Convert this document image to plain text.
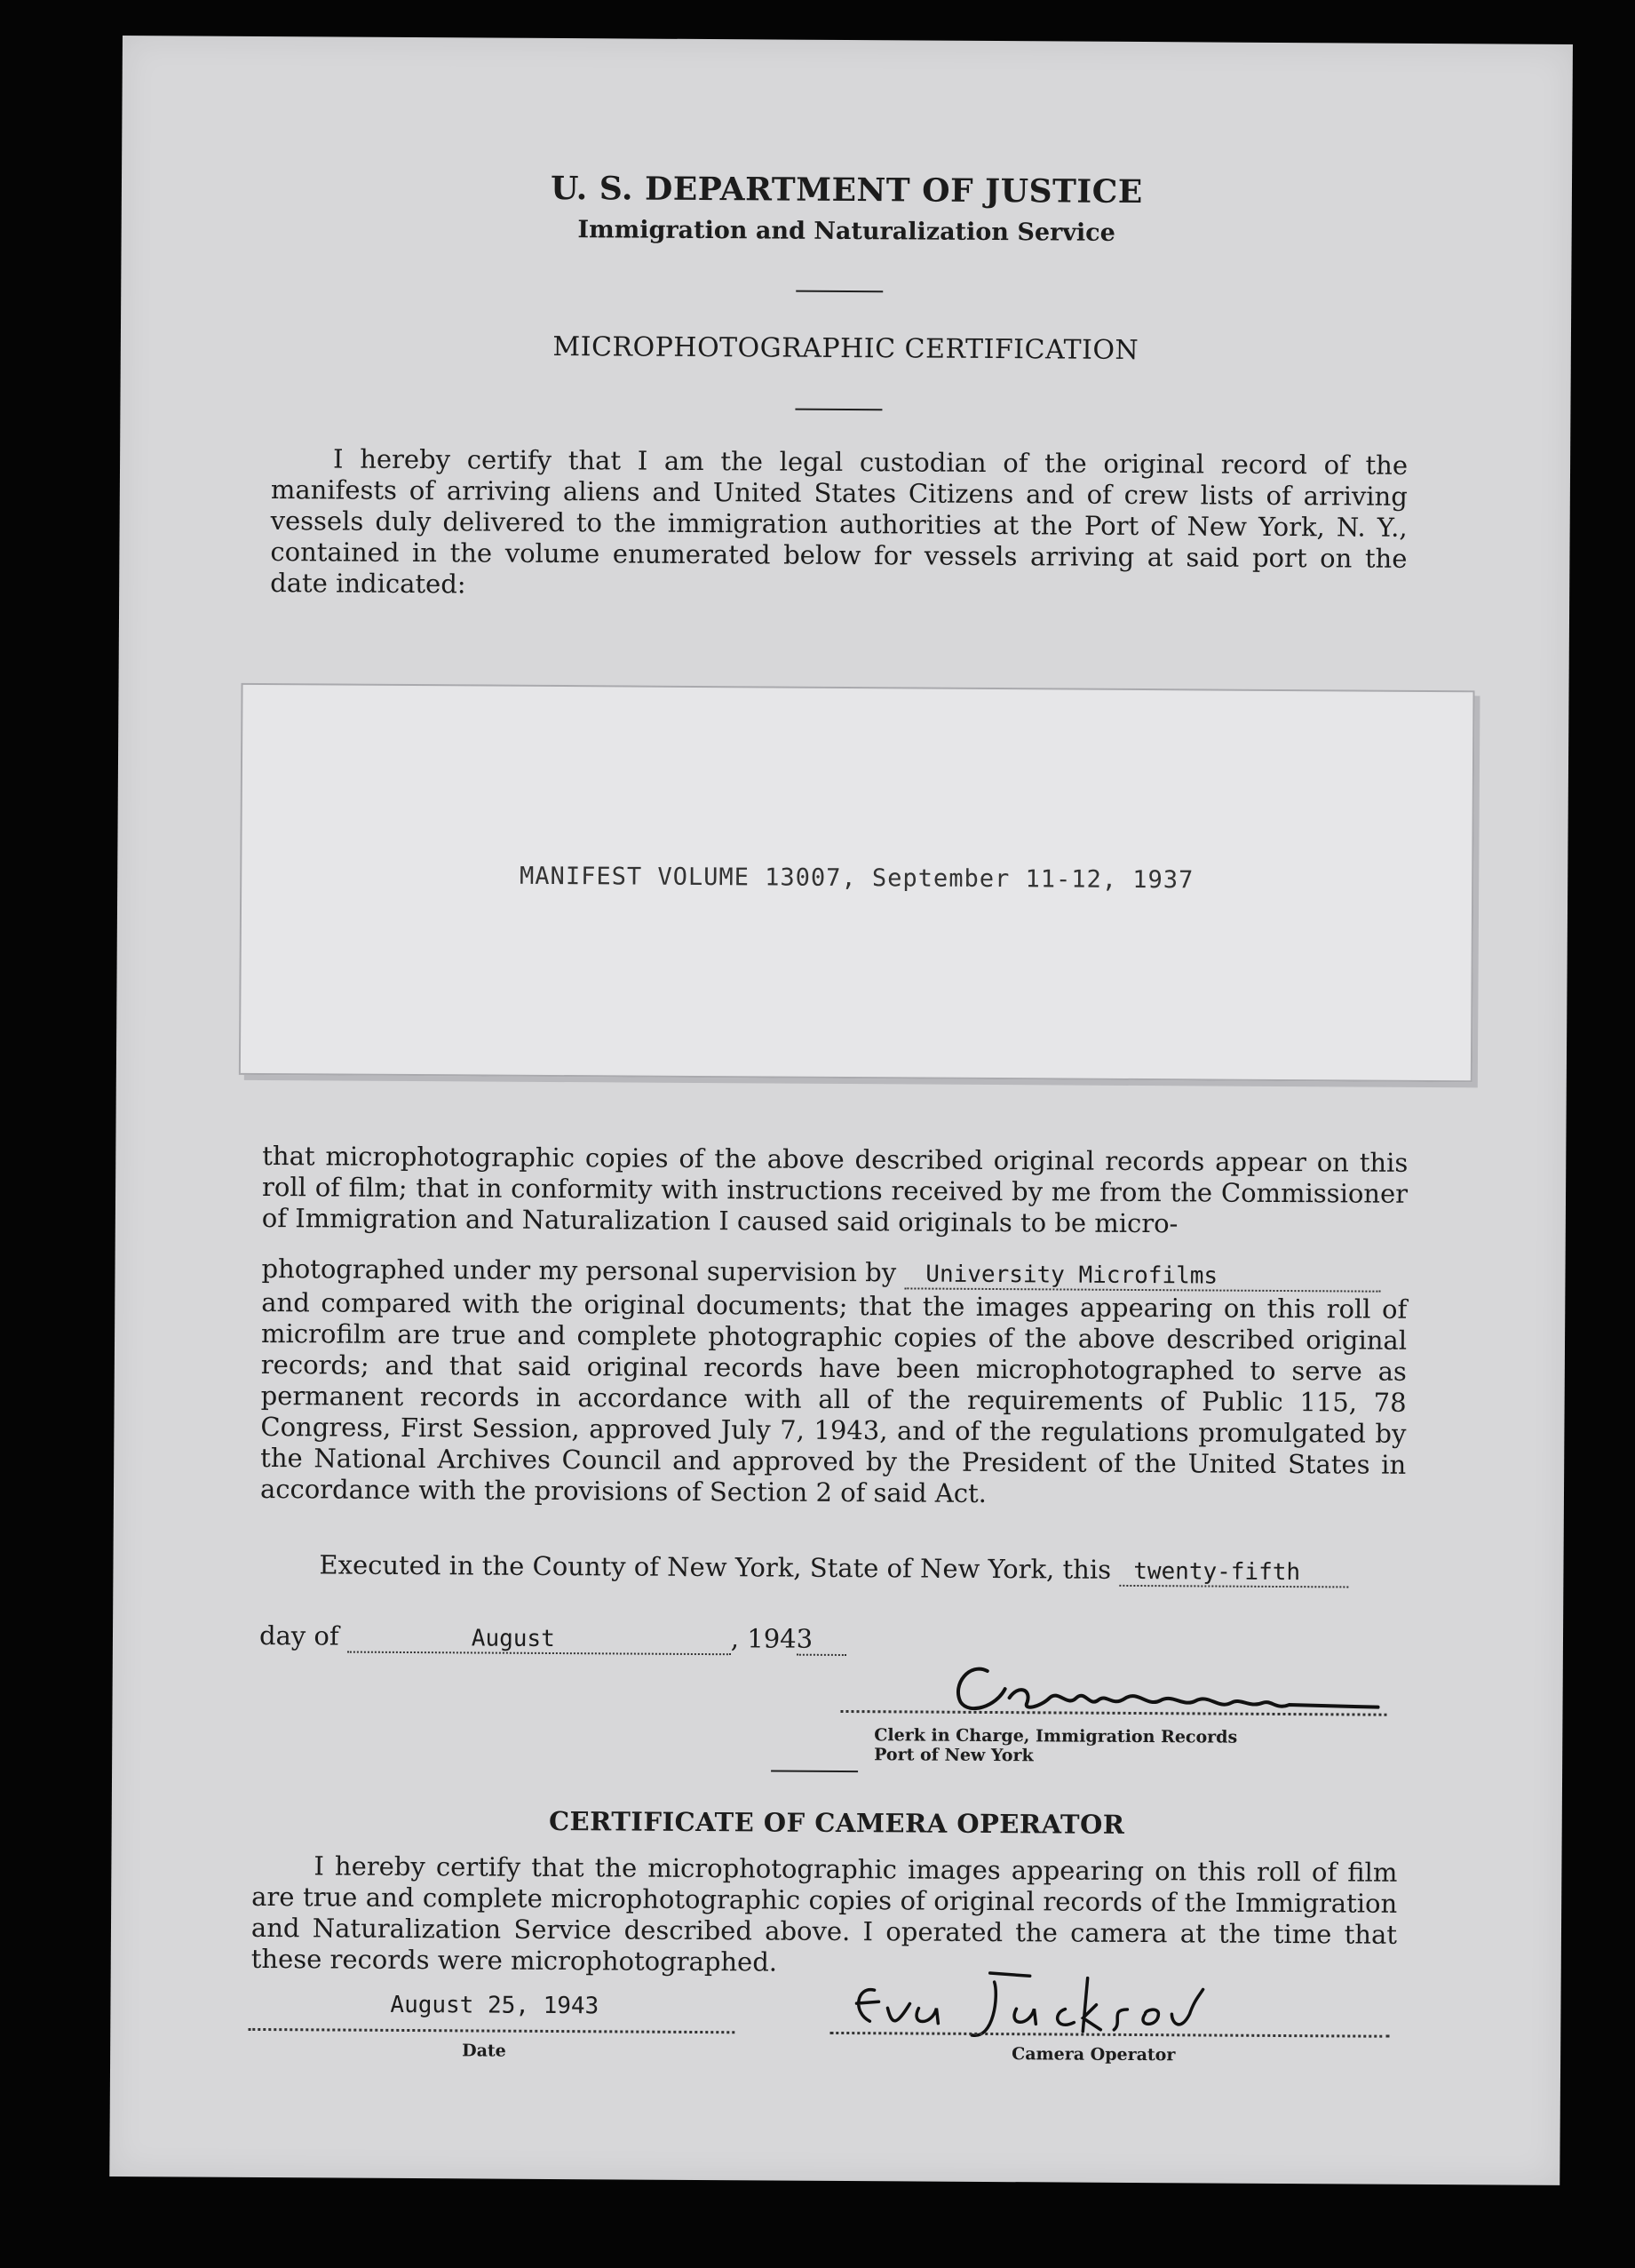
U. S. DEPARTMENT OF JUSTICE
Immigration and Naturalization Service
MICROPHOTOGRAPHIC CERTIFICATION

I hereby certify that I am the legal custodian of the original record of the manifests of arriving aliens and United States Citizens and of crew lists of arriving vessels duly delivered to the immigration authorities at the Port of New York, N. Y., contained in the volume enumerated below for vessels arriving at said port on the date indicated:

MANIFEST VOLUME 13007, September 11-12, 1937

that microphotographic copies of the above described original records appear on this roll of film; that in conformity with instructions received by me from the Commissioner of Immigration and Naturalization I caused said originals to be micro-

photographed under my personal supervision by University Microfilms

and compared with the original documents; that the images appearing on this roll of microfilm are true and complete photographic copies of the above described original records; and that said original records have been microphotographed to serve as permanent records in accordance with all of the requirements of Public 115, 78 Congress, First Session, approved July 7, 1943, and of the regulations promulgated by the National Archives Council and approved by the President of the United States in accordance with the provisions of Section 2 of said Act.

Executed in the County of New York, State of New York, this twenty-fifth
day of	August	, 1943
Clerk in Charge, Immigration Records
Port of New York
CERTIFICATE OF CAMERA OPERATOR

I hereby certify that the microphotographic images appearing on this roll of film are true and complete microphotographic copies of original records of the Immigration and Naturalization Service described above. I operated the camera at the time that these records were microphotographed.

August 25, 1943
Date	Camera Operator
